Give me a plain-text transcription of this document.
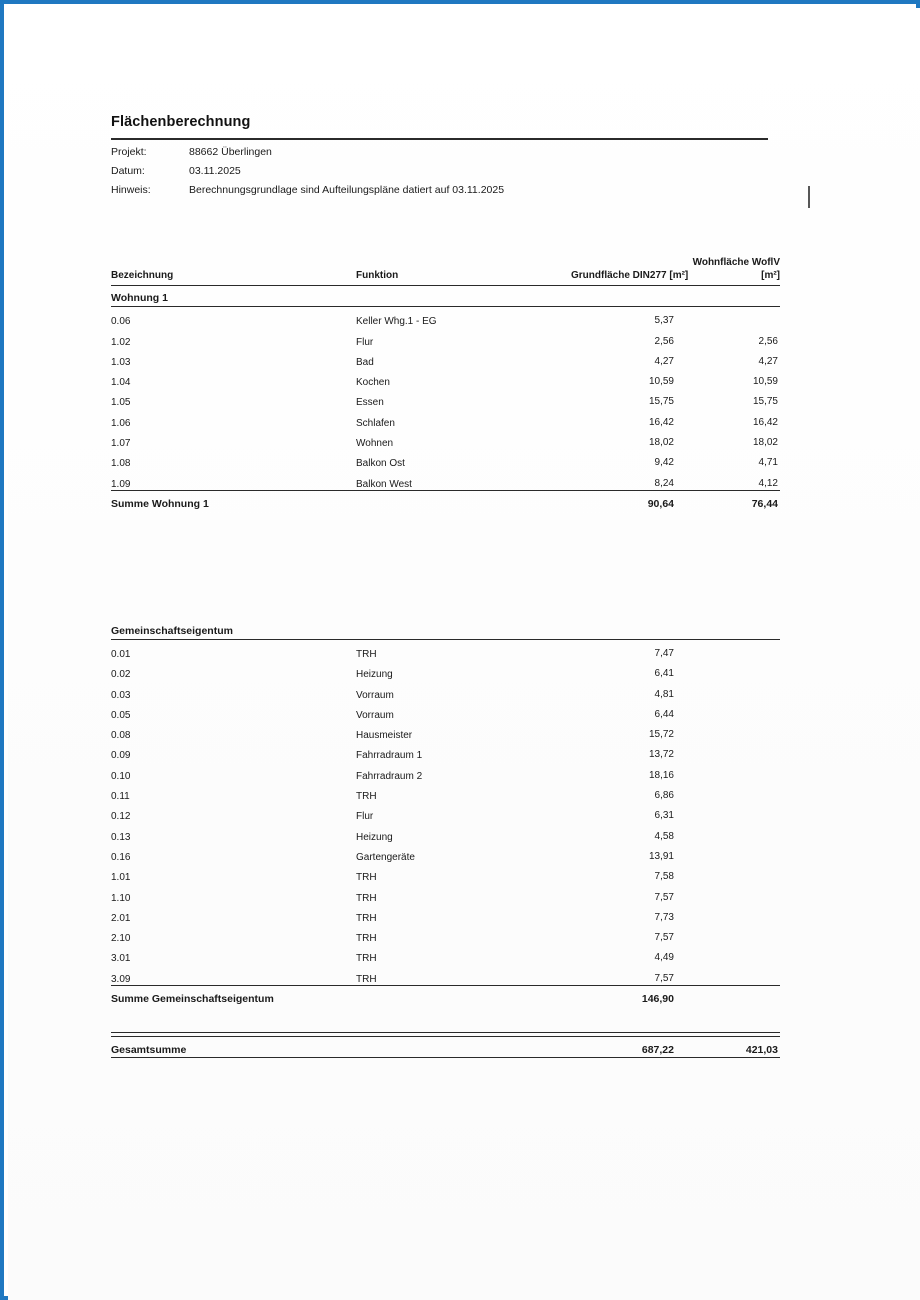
Flächenberechnung
Projekt:	88662 Überlingen
Datum:	03.11.2025
Hinweis:	Berechnungsgrundlage sind Aufteilungspläne datiert auf 03.11.2025
Bezeichnung	Funktion	Grundfläche DIN277 [m²]	Wohnfläche WoflV
[m²]

Wohnung 1			
0.06	Keller Whg.1 - EG	5,37	
1.02	Flur	2,56	2,56
1.03	Bad	4,27	4,27
1.04	Kochen	10,59	10,59
1.05	Essen	15,75	15,75
1.06	Schlafen	16,42	16,42
1.07	Wohnen	18,02	18,02
1.08	Balkon Ost	9,42	4,71
1.09	Balkon West	8,24	4,12

Summe Wohnung 1		90,64	76,44

Gemeinschaftseigentum			
0.01	TRH	7,47	
0.02	Heizung	6,41	
0.03	Vorraum	4,81	
0.05	Vorraum	6,44	
0.08	Hausmeister	15,72	
0.09	Fahrradraum 1	13,72	
0.10	Fahrradraum 2	18,16	
0.11	TRH	6,86	
0.12	Flur	6,31	
0.13	Heizung	4,58	
0.16	Gartengeräte	13,91	
1.01	TRH	7,58	
1.10	TRH	7,57	
2.01	TRH	7,73	
2.10	TRH	7,57	
3.01	TRH	4,49	
3.09	TRH	7,57	

Summe Gemeinschaftseigentum		146,90	

Gesamtsumme		687,22	421,03
